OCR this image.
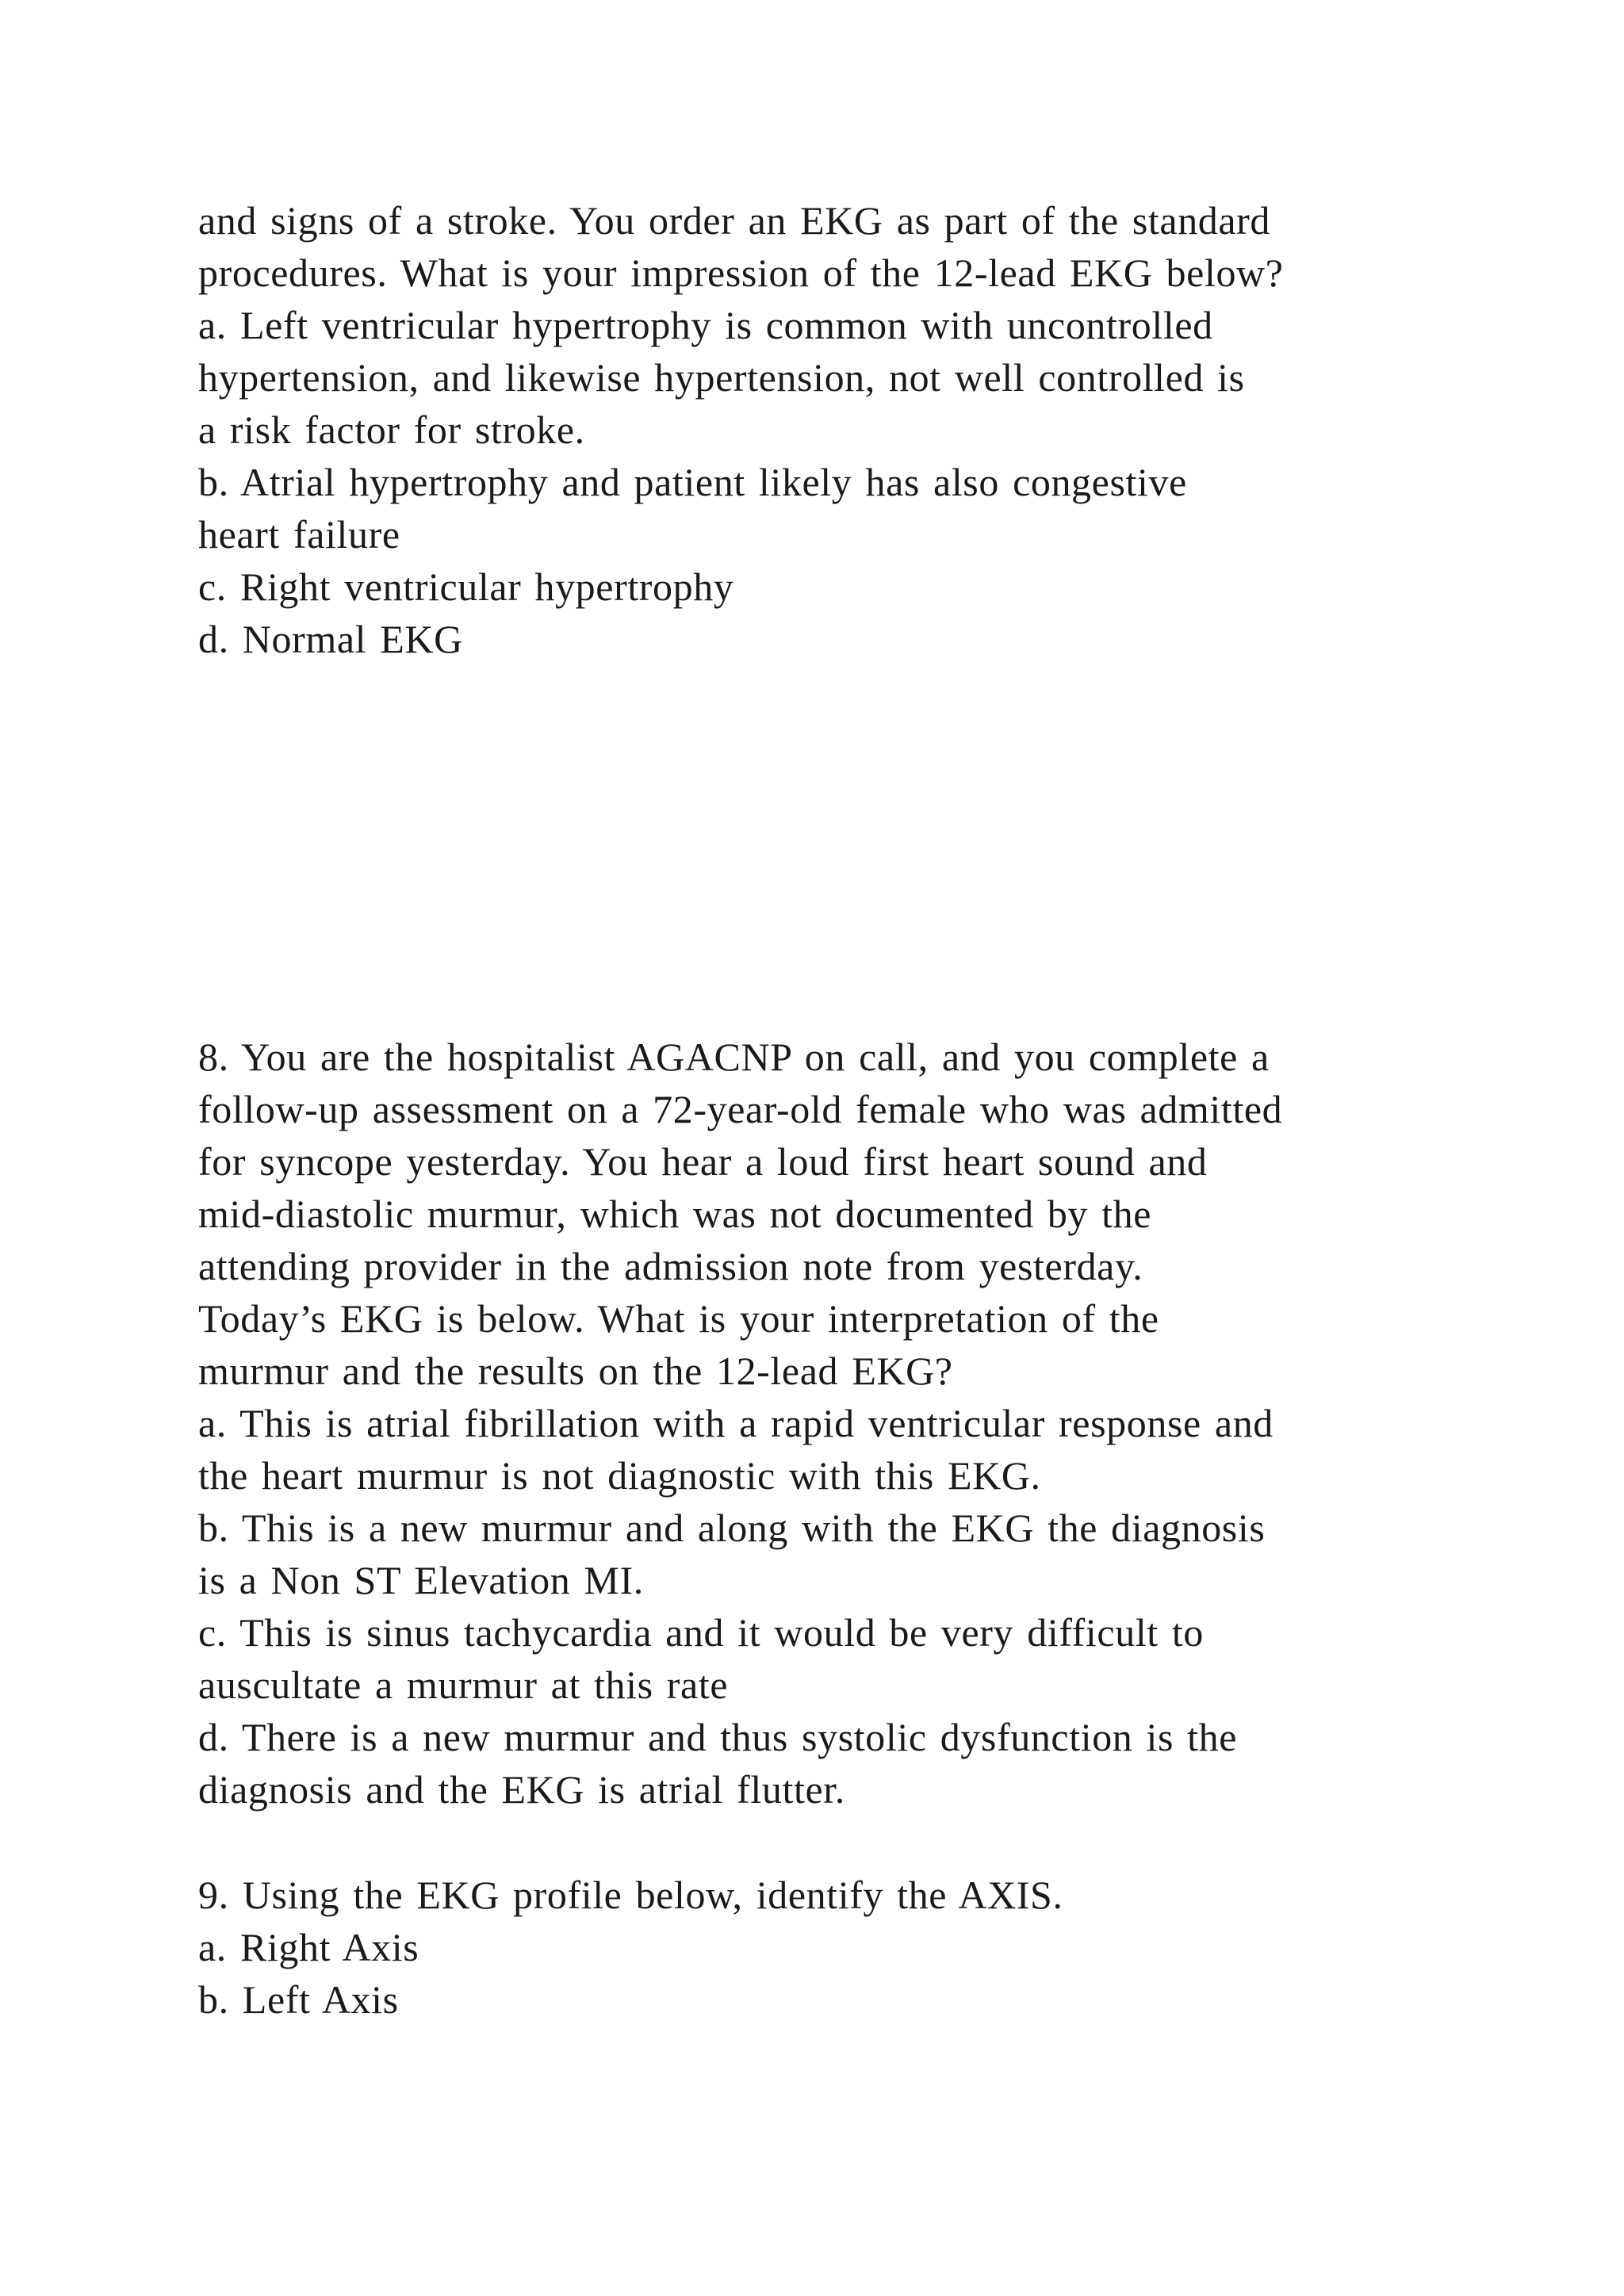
and signs of a stroke. You order an EKG as part of the standard
procedures. What is your impression of the 12-lead EKG below?
a. Left ventricular hypertrophy is common with uncontrolled
hypertension, and likewise hypertension, not well controlled is
a risk factor for stroke.
b. Atrial hypertrophy and patient likely has also congestive
heart failure
c. Right ventricular hypertrophy
d. Normal EKG
8. You are the hospitalist AGACNP on call, and you complete a
follow-up assessment on a 72-year-old female who was admitted
for syncope yesterday. You hear a loud first heart sound and
mid-diastolic murmur, which was not documented by the
attending provider in the admission note from yesterday.
Today’s EKG is below. What is your interpretation of the
murmur and the results on the 12-lead EKG?
a. This is atrial fibrillation with a rapid ventricular response and
the heart murmur is not diagnostic with this EKG.
b. This is a new murmur and along with the EKG the diagnosis
is a Non ST Elevation MI.
c. This is sinus tachycardia and it would be very difficult to
auscultate a murmur at this rate
d. There is a new murmur and thus systolic dysfunction is the
diagnosis and the EKG is atrial flutter.
9. Using the EKG profile below, identify the AXIS.
a. Right Axis
b. Left Axis
